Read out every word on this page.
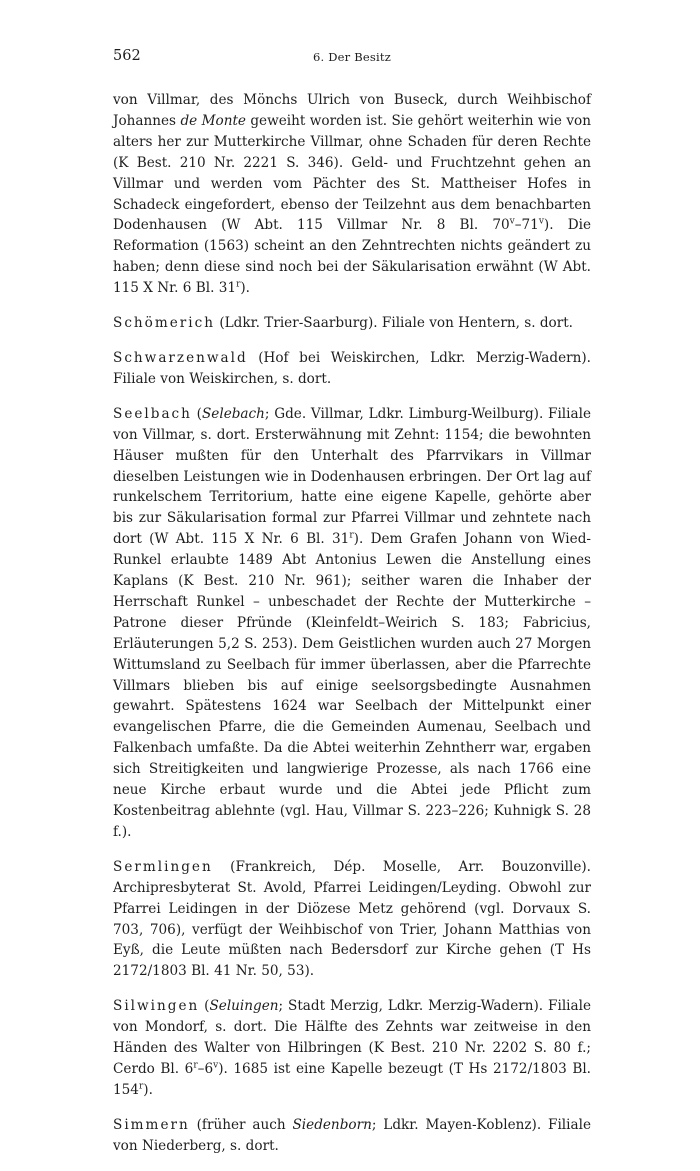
562	6. Der Besitz

von Villmar, des Mönchs Ulrich von Buseck, durch Weihbischof Johannes de Monte geweiht worden ist. Sie gehört weiterhin wie von alters her zur Mutterkirche Villmar, ohne Schaden für deren Rechte (K Best. 210 Nr. 2221 S. 346). Geld- und Fruchtzehnt gehen an Villmar und werden vom Pächter des St. Mattheiser Hofes in Schadeck eingefordert, ebenso der Teilzehnt aus dem benachbarten Dodenhausen (W Abt. 115 Villmar Nr. 8 Bl. 70$^v$–71$^v$). Die Reformation (1563) scheint an den Zehntrechten nichts geändert zu haben; denn diese sind noch bei der Säkularisation erwähnt (W Abt. 115 X Nr. 6 Bl. 31$^r$).

Schömerich (Ldkr. Trier-Saarburg). Filiale von Hentern, s. dort.

Schwarzenwald (Hof bei Weiskirchen, Ldkr. Merzig-Wadern). Filiale von Weiskirchen, s. dort.

Seelbach (Selebach; Gde. Villmar, Ldkr. Limburg-Weilburg). Filiale von Villmar, s. dort. Ersterwähnung mit Zehnt: 1154; die bewohnten Häuser mußten für den Unterhalt des Pfarrvikars in Villmar dieselben Leistungen wie in Dodenhausen erbringen. Der Ort lag auf runkelschem Territorium, hatte eine eigene Kapelle, gehörte aber bis zur Säkularisation formal zur Pfarrei Villmar und zehntete nach dort (W Abt. 115 X Nr. 6 Bl. 31$^r$). Dem Grafen Johann von Wied-Runkel erlaubte 1489 Abt Antonius Lewen die Anstellung eines Kaplans (K Best. 210 Nr. 961); seither waren die Inhaber der Herrschaft Runkel – unbeschadet der Rechte der Mutterkirche – Patrone dieser Pfründe (Kleinfeldt–Weirich S. 183; Fabricius, Erläuterungen 5,2 S. 253). Dem Geistlichen wurden auch 27 Morgen Wittumsland zu Seelbach für immer überlassen, aber die Pfarrechte Villmars blieben bis auf einige seelsorgsbedingte Ausnahmen gewahrt. Spätestens 1624 war Seelbach der Mittelpunkt einer evangelischen Pfarre, die die Gemeinden Aumenau, Seelbach und Falkenbach umfaßte. Da die Abtei weiterhin Zehntherr war, ergaben sich Streitigkeiten und langwierige Prozesse, als nach 1766 eine neue Kirche erbaut wurde und die Abtei jede Pflicht zum Kostenbeitrag ablehnte (vgl. Hau, Villmar S. 223–226; Kuhnigk S. 28 f.).

Sermlingen (Frankreich, Dép. Moselle, Arr. Bouzonville). Archipresbyterat St. Avold, Pfarrei Leidingen/Leyding. Obwohl zur Pfarrei Leidingen in der Diözese Metz gehörend (vgl. Dorvaux S. 703, 706), verfügt der Weihbischof von Trier, Johann Matthias von Eyß, die Leute müßten nach Bedersdorf zur Kirche gehen (T Hs 2172/1803 Bl. 41 Nr. 50, 53).

Silwingen (Seluingen; Stadt Merzig, Ldkr. Merzig-Wadern). Filiale von Mondorf, s. dort. Die Hälfte des Zehnts war zeitweise in den Händen des Walter von Hilbringen (K Best. 210 Nr. 2202 S. 80 f.; Cerdo Bl. 6$^r$–6$^v$). 1685 ist eine Kapelle bezeugt (T Hs 2172/1803 Bl. 154$^r$).

Simmern (früher auch Siedenborn; Ldkr. Mayen-Koblenz). Filiale von Niederberg, s. dort.
